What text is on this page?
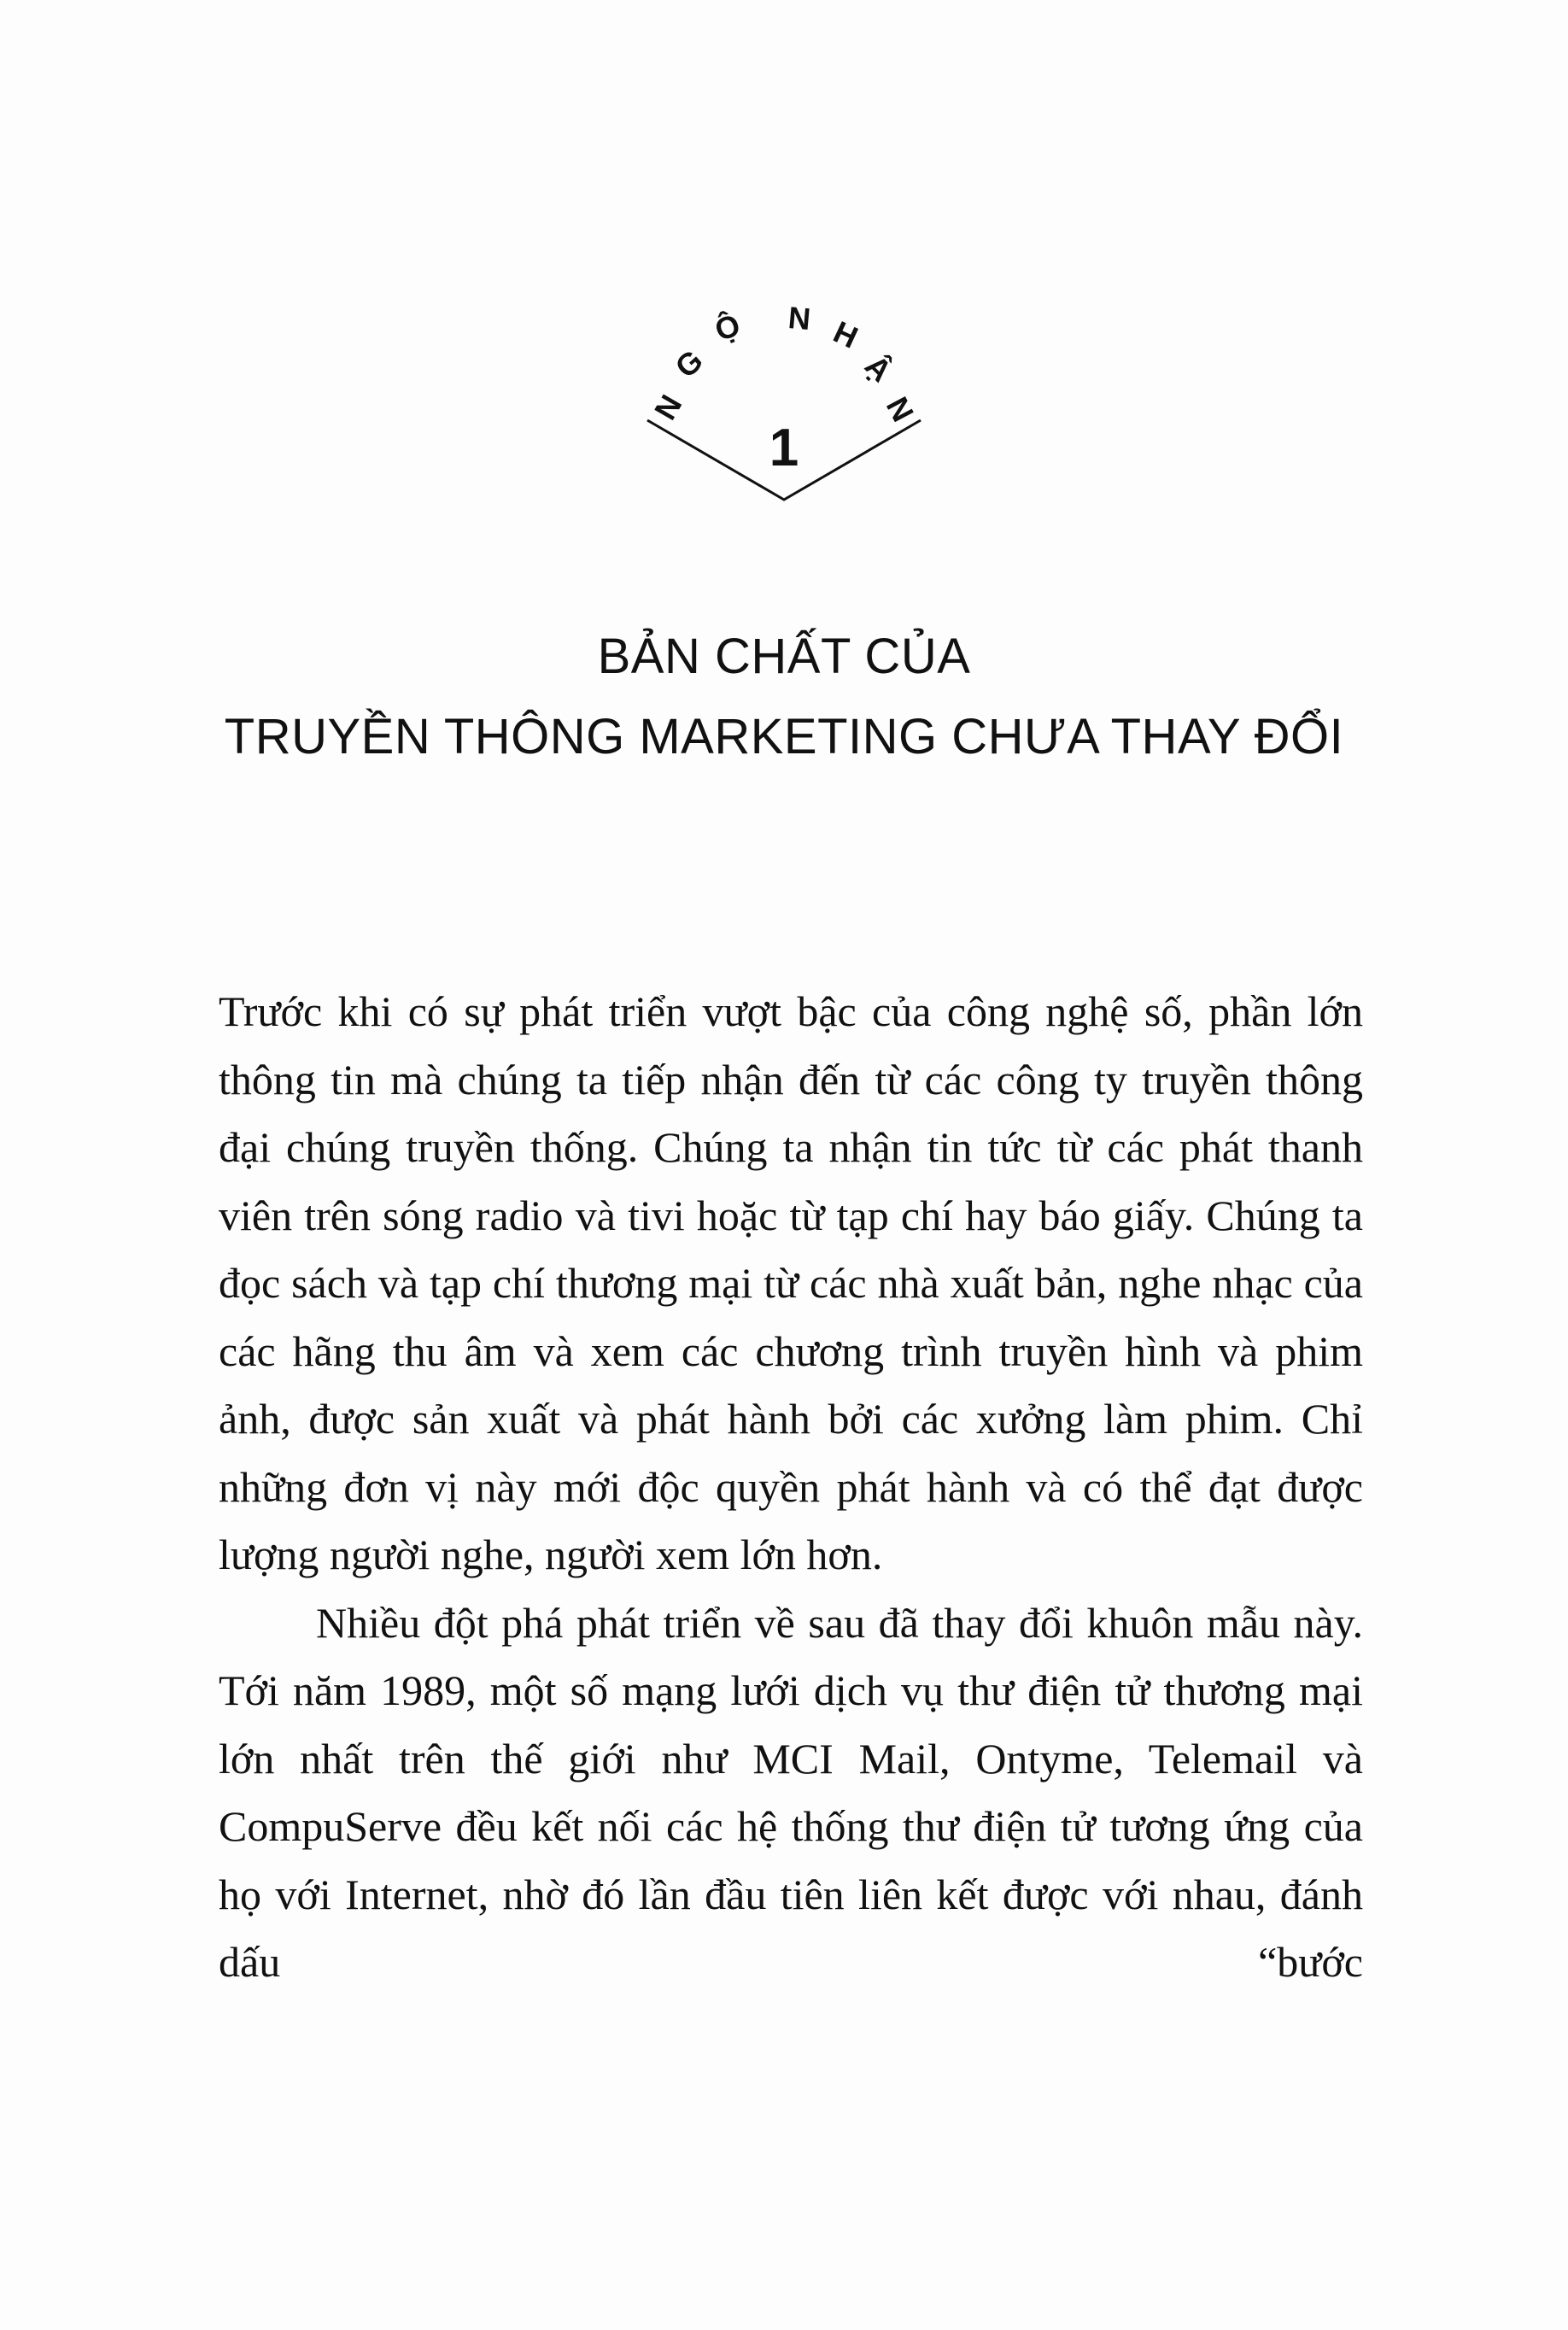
N
G
Ộ N H
Ậ
N
1
BẢN CHẤT CỦA
TRUYỀN THÔNG MARKETING CHƯA THAY ĐỔI

Trước khi có sự phát triển vượt bậc của công nghệ số, phần lớn thông tin mà chúng ta tiếp nhận đến từ các công ty truyền thông đại chúng truyền thống. Chúng ta nhận tin tức từ các phát thanh viên trên sóng radio và tivi hoặc từ tạp chí hay báo giấy. Chúng ta đọc sách và tạp chí thương mại từ các nhà xuất bản, nghe nhạc của các hãng thu âm và xem các chương trình truyền hình và phim ảnh, được sản xuất và phát hành bởi các xưởng làm phim. Chỉ những đơn vị này mới độc quyền phát hành và có thể đạt được lượng người nghe, người xem lớn hơn.

Nhiều đột phá phát triển về sau đã thay đổi khuôn mẫu này. Tới năm 1989, một số mạng lưới dịch vụ thư điện tử thương mại lớn nhất trên thế giới như MCI Mail, Ontyme, Telemail và CompuServe đều kết nối các hệ thống thư điện tử tương ứng của họ với Internet, nhờ đó lần đầu tiên liên kết được với nhau, đánh dấu “bước
